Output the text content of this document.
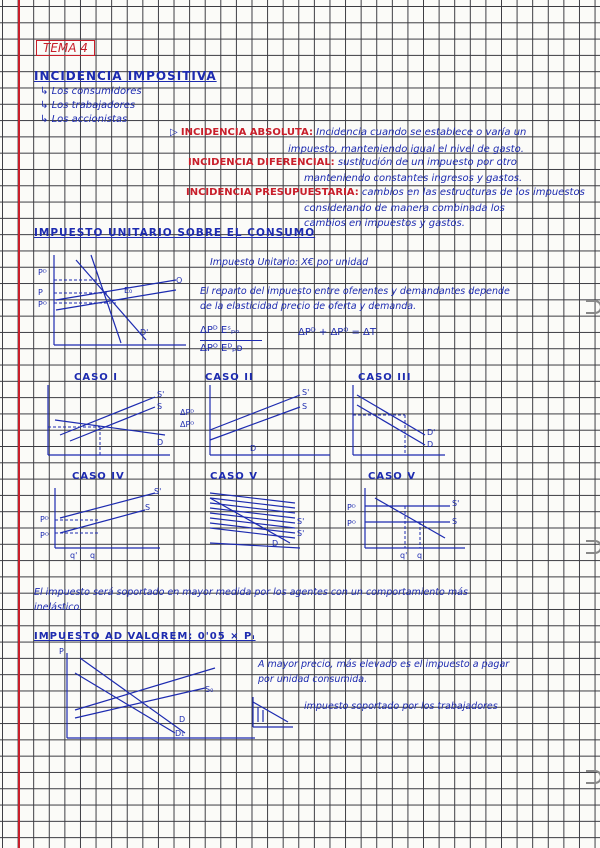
TEMA 4
INCIDENCIA IMPOSITIVA
↳ Los consumidores
↳ Los trabajadores
↳ Los accionistas
▷ INCIDENCIA ABSOLUTA: Incidencia cuando se establece o varía un
impuesto, manteniendo igual el nivel de gasto.
INCIDENCIA DIFERENCIAL: sustitución de un impuesto por otro
manteniendo constantes ingresos y gastos.
INCIDENCIA PRESUPUESTARIA: cambios en las estructuras de los impuestos
considerando de manera combinada los
cambios en impuestos y gastos.
IMPUESTO UNITARIO SOBRE EL CONSUMO
Pᴰ
P
Pᴼ
O
E₀
D'
Impuesto Unitario: X€ por unidad
El reparto del impuesto entre oferentes y demandantes depende
de la elasticidad precio de oferta y demanda.
ΔPᴰ Eˢₚₒ
ΔPᴼ Eᴰₚᴅ
ΔPᴰ + ΔPᴼ = ΔT
CASO I	CASO II	CASO III
S'
S
D
ΔPᴰ
ΔPᴼ
S'
S
D
D'
D
CASO IV	CASO V	CASO V
Pᴰ
Pᴼ
S'
S
q' q
S'
D
S'
Pᴰ
Pᴼ
S'
S
q' q
El impuesto será soportado en mayor medida por los agentes con un comportamiento más
inelástico.
IMPUESTO AD VALOREM: 0'05 × Pᵢ
P
S₀
D
D₁
A mayor precio, más elevado es el impuesto a pagar
por unidad consumida.
impuesto soportado por los trabajadores
